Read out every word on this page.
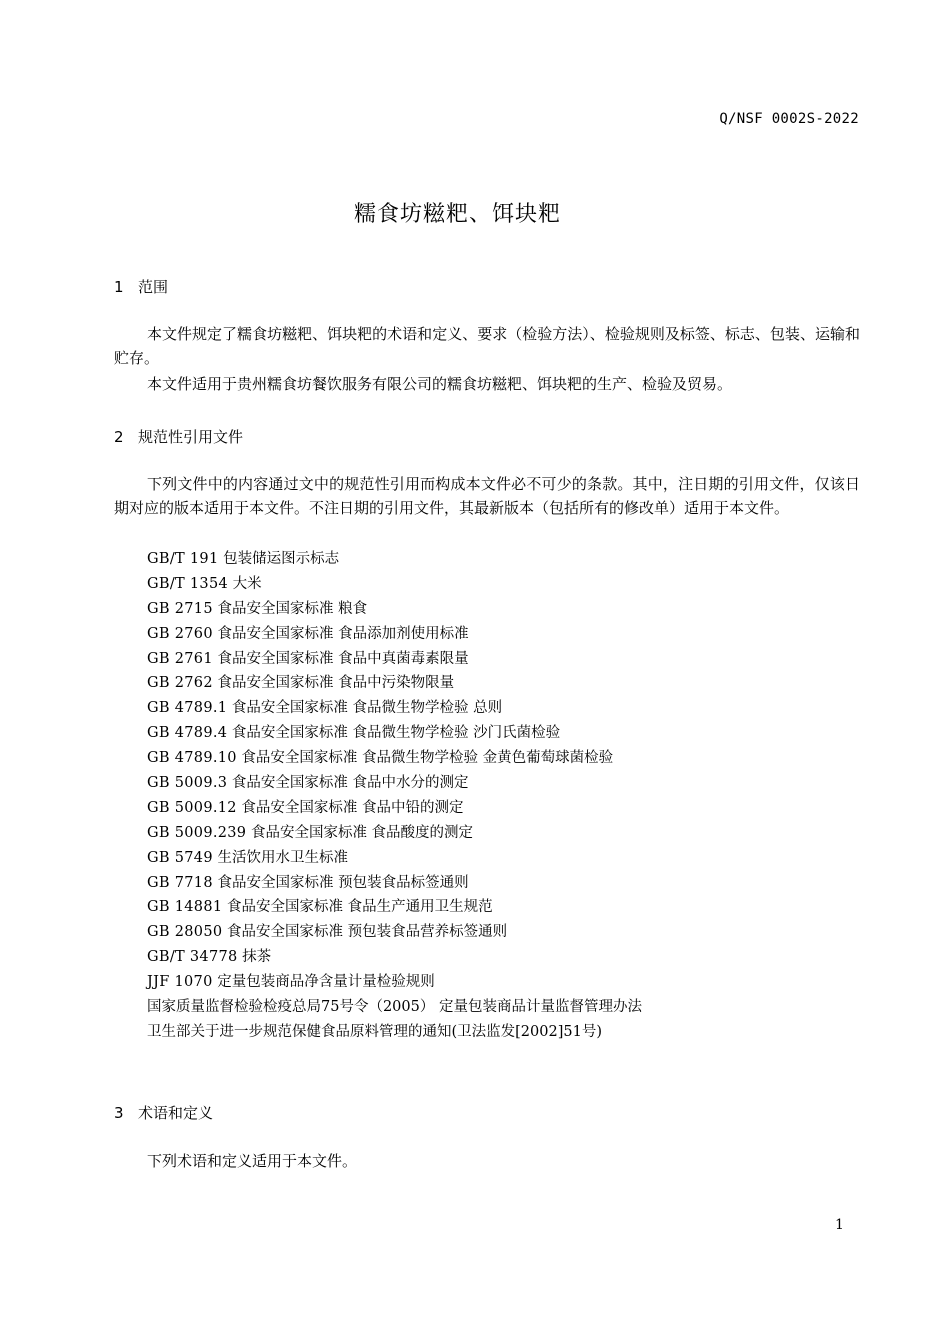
Q/NSF 0002S-2022
糯食坊糍粑、饵块粑
1 范围

本文件规定了糯食坊糍粑、饵块粑的术语和定义、要求（检验方法）、检验规则及标签、标志、包装、运输和贮存。

本文件适用于贵州糯食坊餐饮服务有限公司的糯食坊糍粑、饵块粑的生产、检验及贸易。

2 规范性引用文件

下列文件中的内容通过文中的规范性引用而构成本文件必不可少的条款。其中，注日期的引用文件，仅该日期对应的版本适用于本文件。不注日期的引用文件，其最新版本（包括所有的修改单）适用于本文件。

GB/T 191 包装储运图示标志
GB/T 1354 大米
GB 2715 食品安全国家标准 粮食
GB 2760 食品安全国家标准 食品添加剂使用标准
GB 2761 食品安全国家标准 食品中真菌毒素限量
GB 2762 食品安全国家标准 食品中污染物限量
GB 4789.1 食品安全国家标准 食品微生物学检验 总则
GB 4789.4 食品安全国家标准 食品微生物学检验 沙门氏菌检验
GB 4789.10 食品安全国家标准 食品微生物学检验 金黄色葡萄球菌检验
GB 5009.3 食品安全国家标准 食品中水分的测定
GB 5009.12 食品安全国家标准 食品中铅的测定
GB 5009.239 食品安全国家标准 食品酸度的测定
GB 5749 生活饮用水卫生标准
GB 7718 食品安全国家标准 预包装食品标签通则
GB 14881 食品安全国家标准 食品生产通用卫生规范
GB 28050 食品安全国家标准 预包装食品营养标签通则
GB/T 34778 抹茶
JJF 1070 定量包装商品净含量计量检验规则
国家质量监督检验检疫总局75号令（2005） 定量包装商品计量监督管理办法
卫生部关于进一步规范保健食品原料管理的通知(卫法监发[2002]51号)
3 术语和定义

下列术语和定义适用于本文件。

1
